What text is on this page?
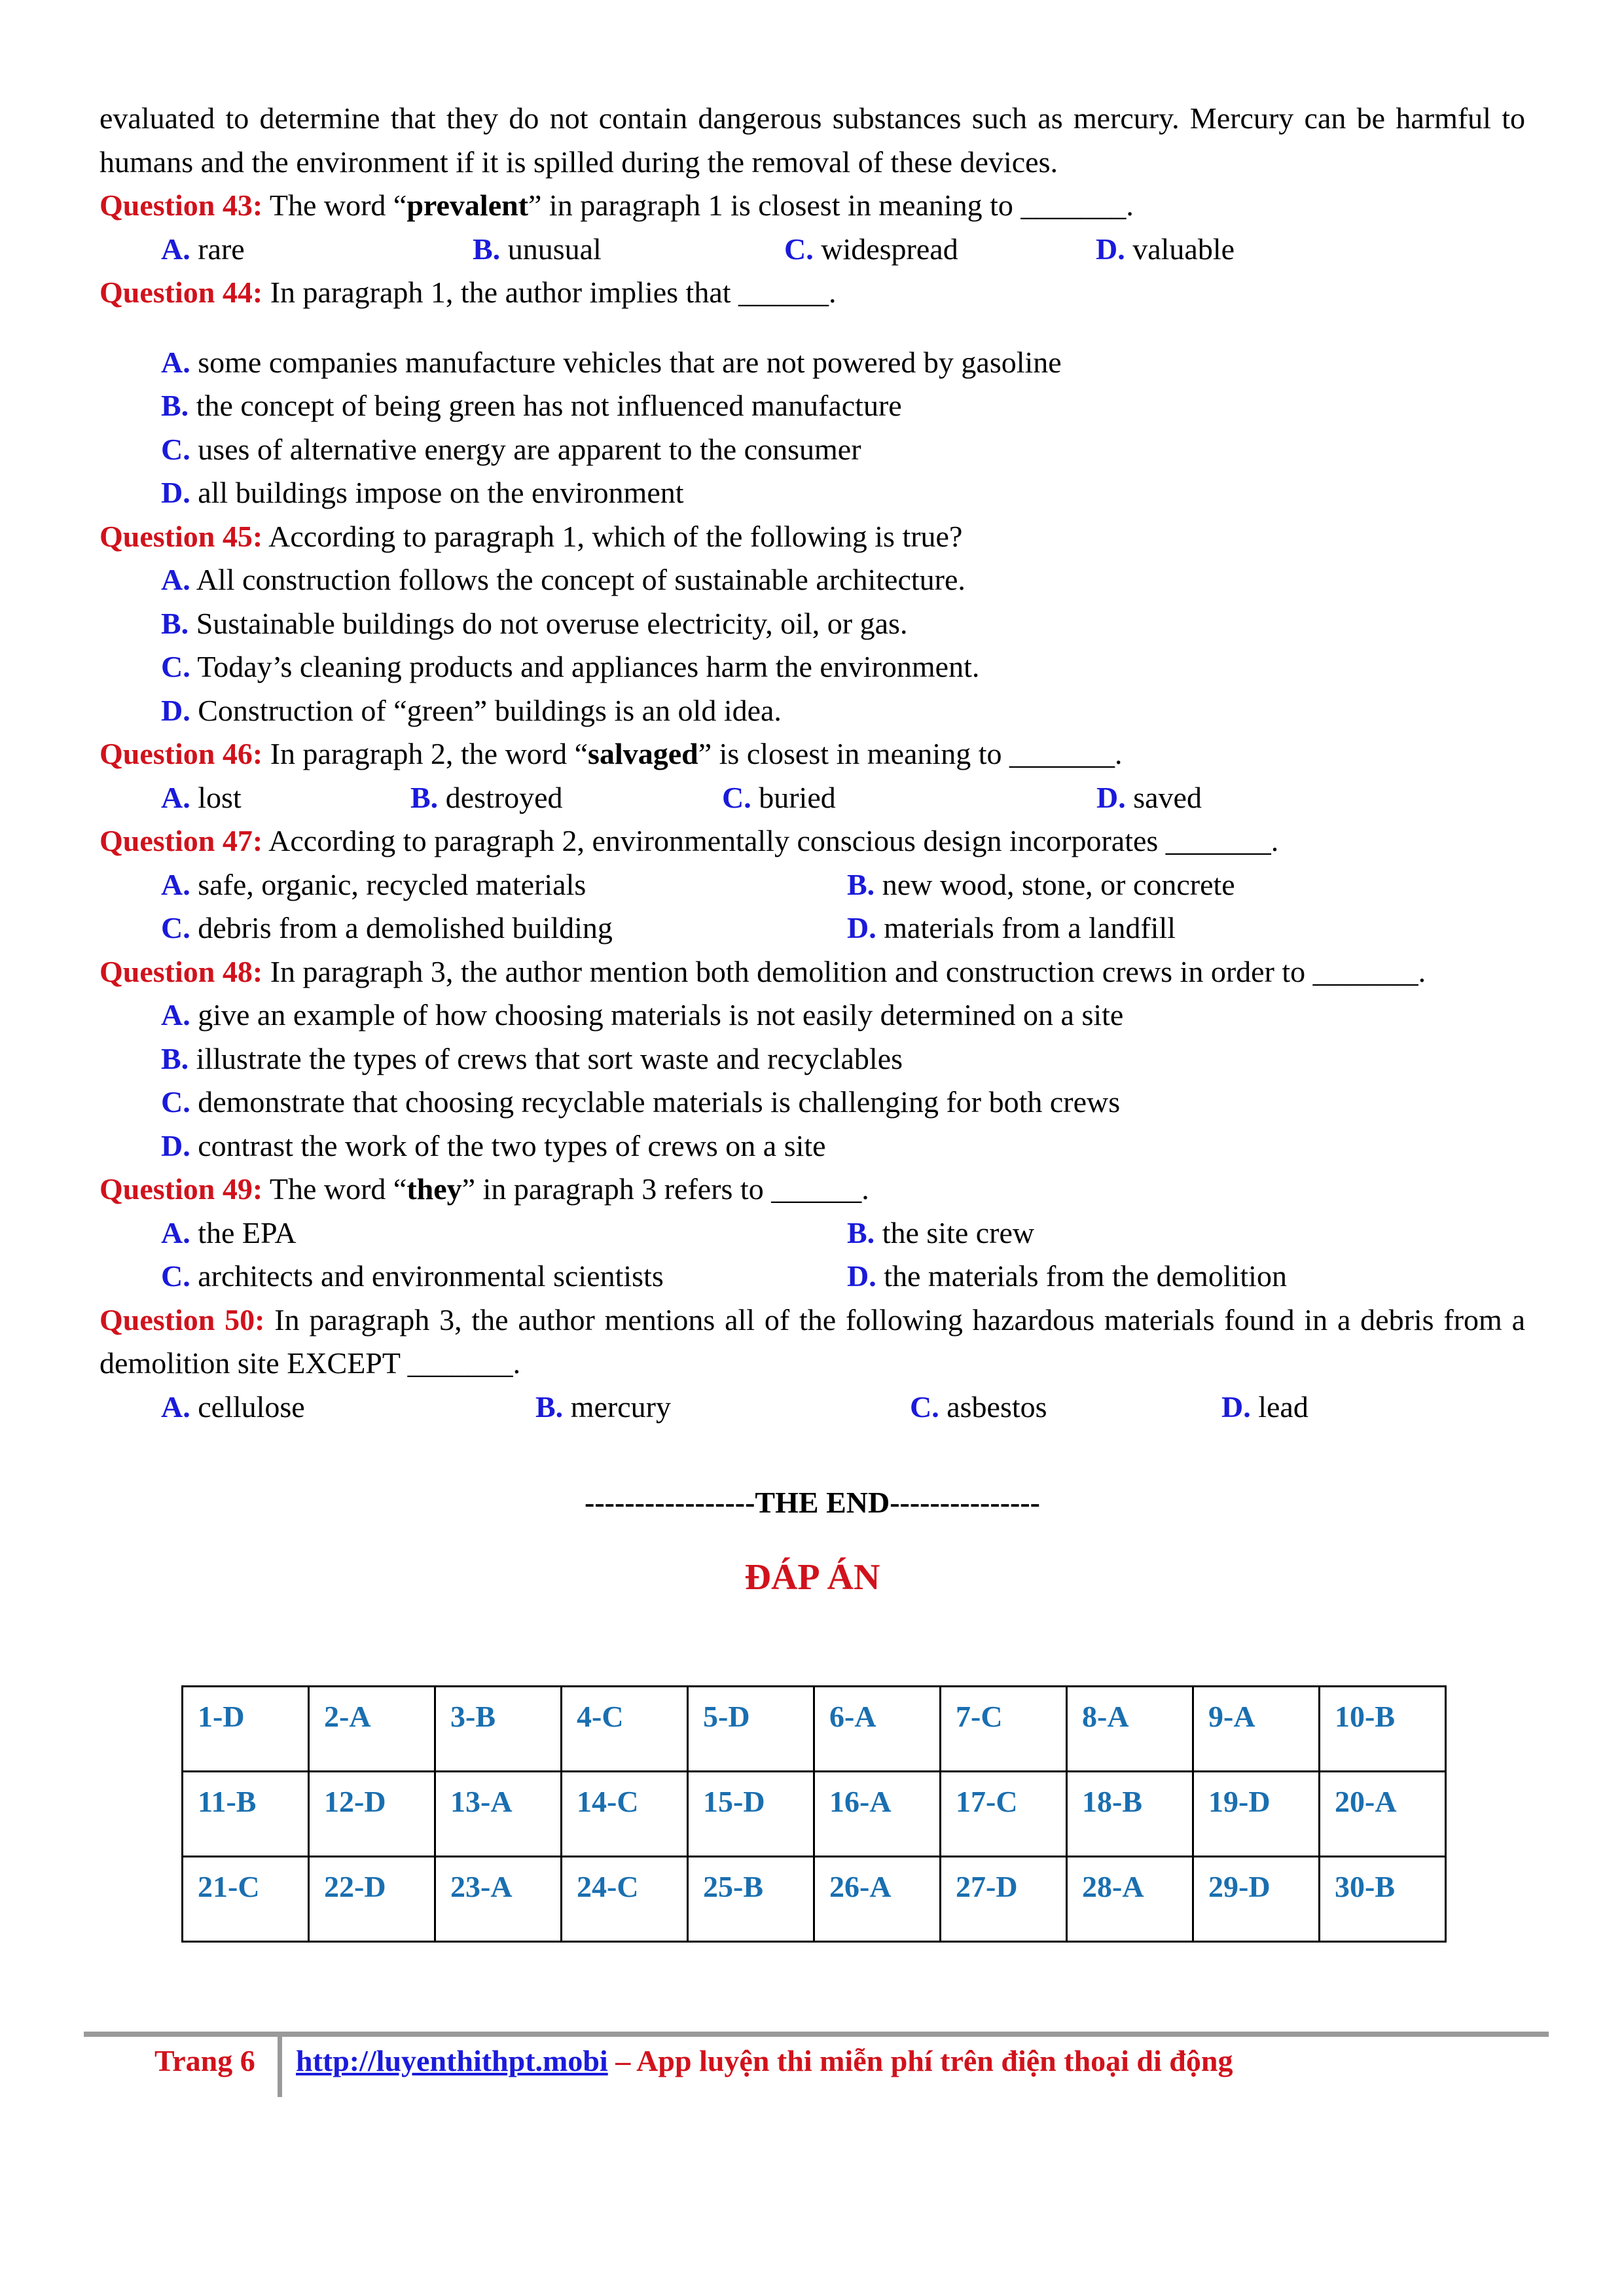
evaluated to determine that they do not contain dangerous substances such as mercury. Mercury can be harmful to humans and the environment if it is spilled during the removal of these devices.

Question 43: The word “prevalent” in paragraph 1 is closest in meaning to _______.

A. rare	B. unusual	C. widespread	D. valuable

Question 44: In paragraph 1, the author implies that ______.

A. some companies manufacture vehicles that are not powered by gasoline

B. the concept of being green has not influenced manufacture

C. uses of alternative energy are apparent to the consumer

D. all buildings impose on the environment

Question 45: According to paragraph 1, which of the following is true?

A. All construction follows the concept of sustainable architecture.

B. Sustainable buildings do not overuse electricity, oil, or gas.

C. Today’s cleaning products and appliances harm the environment.

D. Construction of “green” buildings is an old idea.

Question 46: In paragraph 2, the word “salvaged” is closest in meaning to _______.

A. lost	B. destroyed	C. buried	D. saved

Question 47: According to paragraph 2, environmentally conscious design incorporates _______.

A. safe, organic, recycled materials	B. new wood, stone, or concrete
C. debris from a demolished building	D. materials from a landfill

Question 48: In paragraph 3, the author mention both demolition and construction crews in order to _______.

A. give an example of how choosing materials is not easily determined on a site

B. illustrate the types of crews that sort waste and recyclables

C. demonstrate that choosing recyclable materials is challenging for both crews

D. contrast the work of the two types of crews on a site

Question 49: The word “they” in paragraph 3 refers to ______.

A. the EPA	B. the site crew
C. architects and environmental scientists	D. the materials from the demolition

Question 50: In paragraph 3, the author mentions all of the following hazardous materials found in a debris from a demolition site EXCEPT _______.

A. cellulose	B. mercury	C. asbestos	D. lead
-----------------THE END---------------
ĐÁP ÁN
1-D	2-A	3-B	4-C	5-D	6-A	7-C	8-A	9-A	10-B
11-B	12-D	13-A	14-C	15-D	16-A	17-C	18-B	19-D	20-A
21-C	22-D	23-A	24-C	25-B	26-A	27-D	28-A	29-D	30-B
Trang 6 http://luyenthithpt.mobi – App luyện thi miễn phí trên điện thoại di động
